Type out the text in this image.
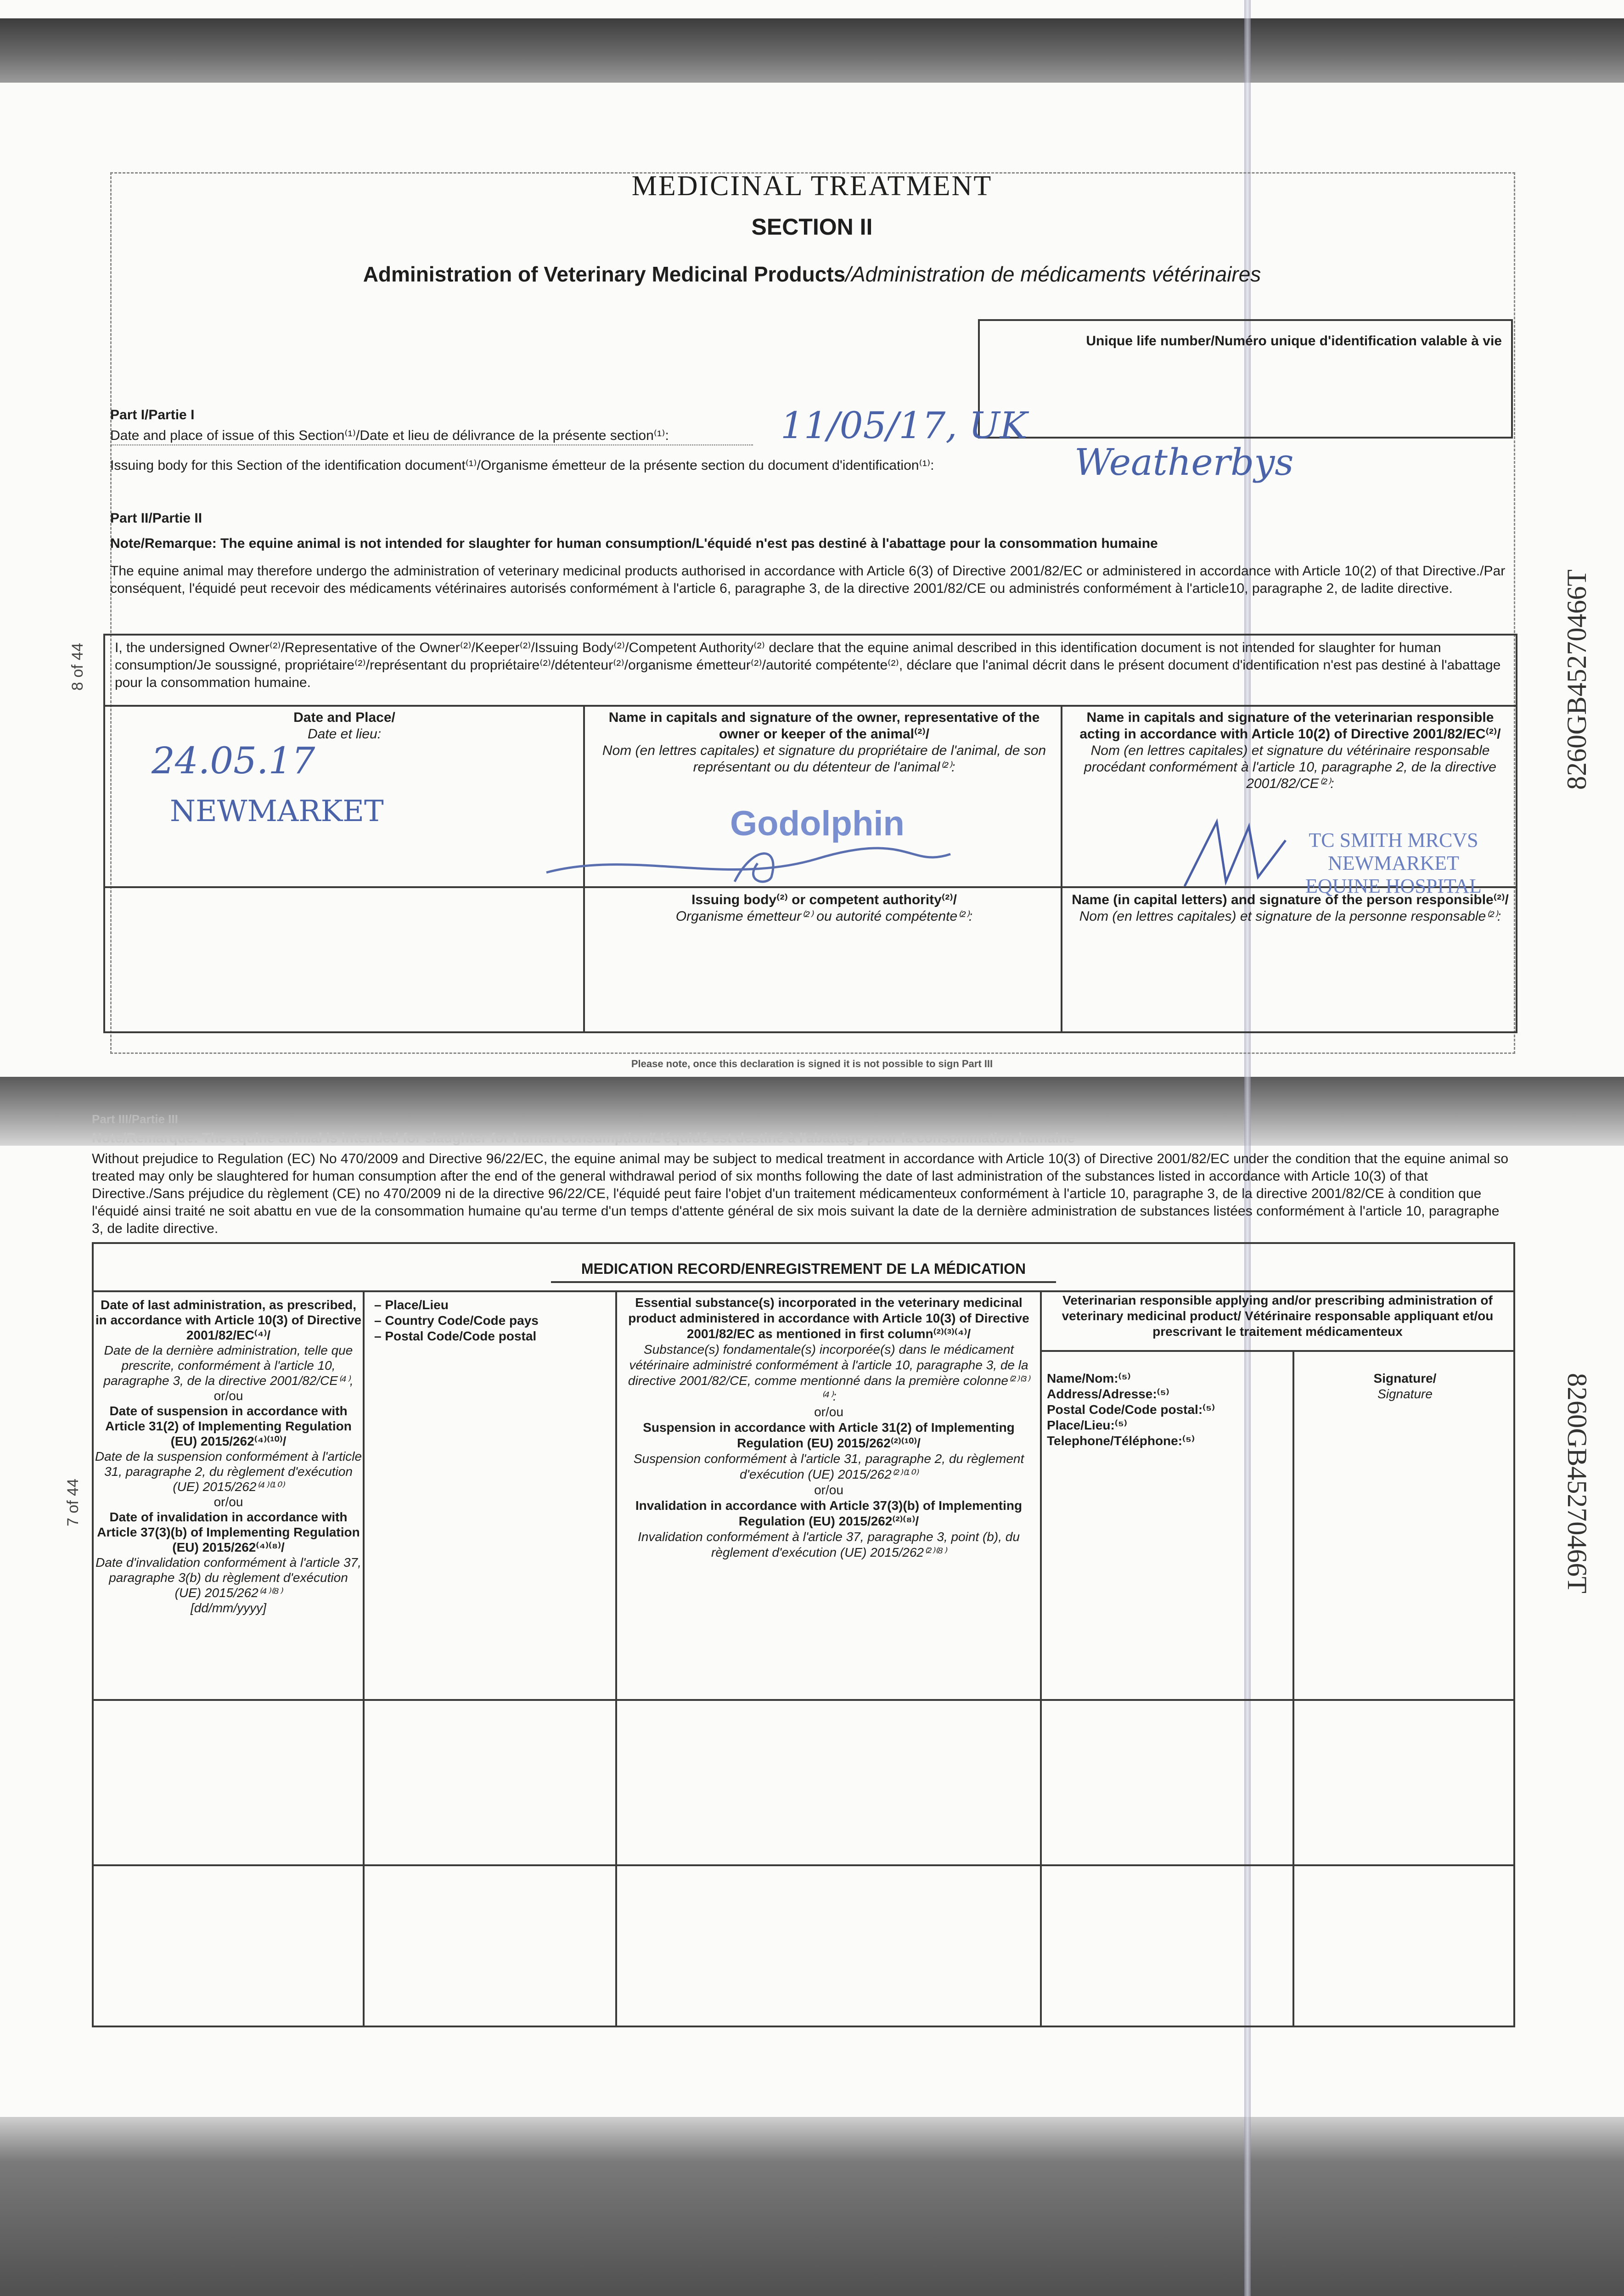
MEDICINAL TREATMENT
SECTION II
Administration of Veterinary Medicinal Products/Administration de médicaments vétérinaires
Unique life number/Numéro unique d'identification valable à vie
Part I/Partie I
Date and place of issue of this Section⁽¹⁾/Date et lieu de délivrance de la présente section⁽¹⁾:	11/05/17, UK
Issuing body for this Section of the identification document⁽¹⁾/Organisme émetteur de la présente section du document d'identification⁽¹⁾:	Weatherbys
Part II/Partie II
Note/Remarque: The equine animal is not intended for slaughter for human consumption/L'équidé n'est pas destiné à l'abattage pour la consommation humaine
The equine animal may therefore undergo the administration of veterinary medicinal products authorised in accordance with Article 6(3) of Directive 2001/82/EC or administered in accordance with Article 10(2) of that Directive./Par conséquent, l'équidé peut recevoir des médicaments vétérinaires autorisés conformément à l'article 6, paragraphe 3, de la directive 2001/82/CE ou administrés conformément à l'article10, paragraphe 2, de ladite directive.
I, the undersigned Owner⁽²⁾/Representative of the Owner⁽²⁾/Keeper⁽²⁾/Issuing Body⁽²⁾/Competent Authority⁽²⁾ declare that the equine animal described in this identification document is not intended for slaughter for human consumption/Je soussigné, propriétaire⁽²⁾/représentant du propriétaire⁽²⁾/détenteur⁽²⁾/organisme émetteur⁽²⁾/autorité compétente⁽²⁾, déclare que l'animal décrit dans le présent document d'identification n'est pas destiné à l'abattage pour la consommation humaine.
Date and Place/
Date et lieu:
24.05.17
NEWMARKET
Name in capitals and signature of the owner, representative of the owner or keeper of the animal⁽²⁾/
Nom (en lettres capitales) et signature du propriétaire de l'animal, de son représentant ou du détenteur de l'animal⁽²⁾:
Godolphin
Name in capitals and signature of the veterinarian responsible acting in accordance with Article 10(2) of Directive 2001/82/EC⁽²⁾/
Nom (en lettres capitales) et signature du vétérinaire responsable procédant conformément à l'article 10, paragraphe 2, de la directive 2001/82/CE⁽²⁾:
TC SMITH MRCVS
NEWMARKET
EQUINE HOSPITAL
Issuing body⁽²⁾ or competent authority⁽²⁾/
Organisme émetteur⁽²⁾ ou autorité compétente⁽²⁾:
Name (in capital letters) and signature of the person responsible⁽²⁾/
Nom (en lettres capitales) et signature de la personne responsable⁽²⁾:
Please note, once this declaration is signed it is not possible to sign Part III
Part III/Partie III
Note/Remarque: The equine animal is intended for slaughter for human consumption/L'équidé est destiné à l'abattage pour la consommation humaine
Without prejudice to Regulation (EC) No 470/2009 and Directive 96/22/EC, the equine animal may be subject to medical treatment in accordance with Article 10(3) of Directive 2001/82/EC under the condition that the equine animal so treated may only be slaughtered for human consumption after the end of the general withdrawal period of six months following the date of last administration of the substances listed in accordance with Article 10(3) of that Directive./Sans préjudice du règlement (CE) no 470/2009 ni de la directive 96/22/CE, l'équidé peut faire l'objet d'un traitement médicamenteux conformément à l'article 10, paragraphe 3, de la directive 2001/82/CE à condition que l'équidé ainsi traité ne soit abattu en vue de la consommation humaine qu'au terme d'un temps d'attente général de six mois suivant la date de la dernière administration de substances listées conformément à l'article 10, paragraphe 3, de ladite directive.
MEDICATION RECORD/ENREGISTREMENT DE LA MÉDICATION
Date of last administration, as prescribed, in accordance with Article 10(3) of Directive 2001/82/EC⁽⁴⁾/
Date de la dernière administration, telle que prescrite, conformément à l'article 10, paragraphe 3, de la directive 2001/82/CE⁽⁴⁾,
or/ou
Date of suspension in accordance with Article 31(2) of Implementing Regulation (EU) 2015/262⁽⁴⁾⁽¹⁰⁾/
Date de la suspension conformément à l'article 31, paragraphe 2, du règlement d'exécution (UE) 2015/262⁽⁴⁾⁽¹⁰⁾
or/ou
Date of invalidation in accordance with Article 37(3)(b) of Implementing Regulation (EU) 2015/262⁽⁴⁾⁽⁸⁾/
Date d'invalidation conformément à l'article 37, paragraphe 3(b) du règlement d'exécution (UE) 2015/262⁽⁴⁾⁽⁸⁾
[dd/mm/yyyy]
– Place/Lieu
– Country Code/Code pays
– Postal Code/Code postal
Essential substance(s) incorporated in the veterinary medicinal product administered in accordance with Article 10(3) of Directive 2001/82/EC as mentioned in first column⁽²⁾⁽³⁾⁽⁴⁾/
Substance(s) fondamentale(s) incorporée(s) dans le médicament vétérinaire administré conformément à l'article 10, paragraphe 3, de la directive 2001/82/CE, comme mentionné dans la première colonne⁽²⁾⁽³⁾⁽⁴⁾:
or/ou
Suspension in accordance with Article 31(2) of Implementing Regulation (EU) 2015/262⁽²⁾⁽¹⁰⁾/
Suspension conformément à l'article 31, paragraphe 2, du règlement d'exécution (UE) 2015/262⁽²⁾⁽¹⁰⁾
or/ou
Invalidation in accordance with Article 37(3)(b) of Implementing Regulation (EU) 2015/262⁽²⁾⁽⁸⁾/
Invalidation conformément à l'article 37, paragraphe 3, point (b), du règlement d'exécution (UE) 2015/262⁽²⁾⁽⁸⁾
Veterinarian responsible applying and/or prescribing administration of veterinary medicinal product/ Vétérinaire responsable appliquant et/ou prescrivant le traitement médicamenteux
Name/Nom:⁽⁵⁾
Address/Adresse:⁽⁵⁾
Postal Code/Code postal:⁽⁵⁾
Place/Lieu:⁽⁵⁾
Telephone/Téléphone:⁽⁵⁾
Signature/
Signature
8260GB45270466T
8260GB45270466T
8 of 44
7 of 44
